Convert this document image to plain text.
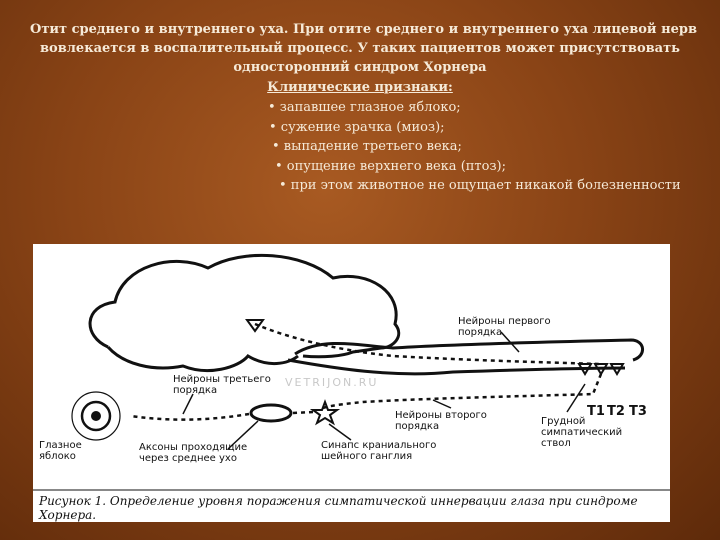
Отит среднего и внутреннего уха. При отите среднего и внутреннего уха лицевой нерв
вовлекается в воспалительный процесс. У таких пациентов может присутствовать
односторонний синдром Хорнера
Клинические признаки:
• запавшее глазное яблоко;
• сужение зрачка (миоз);
• выпадение третьего века;
• опущение верхнего века (птоз);
• при этом животное не ощущает никакой болезненности
VETRIJON.RU
Нейроны первого
порядка
Нейроны третьего
порядка
Нейроны второго
порядка
Глазное
яблоко
Аксоны проходящие
через среднее ухо
Синапс краниального
шейного ганглия
Грудной
симпатический
ствол
T1 T2 T3
Рисунок 1. Определение уровня поражения симпатической иннервации глаза при синдроме Хорнера.
